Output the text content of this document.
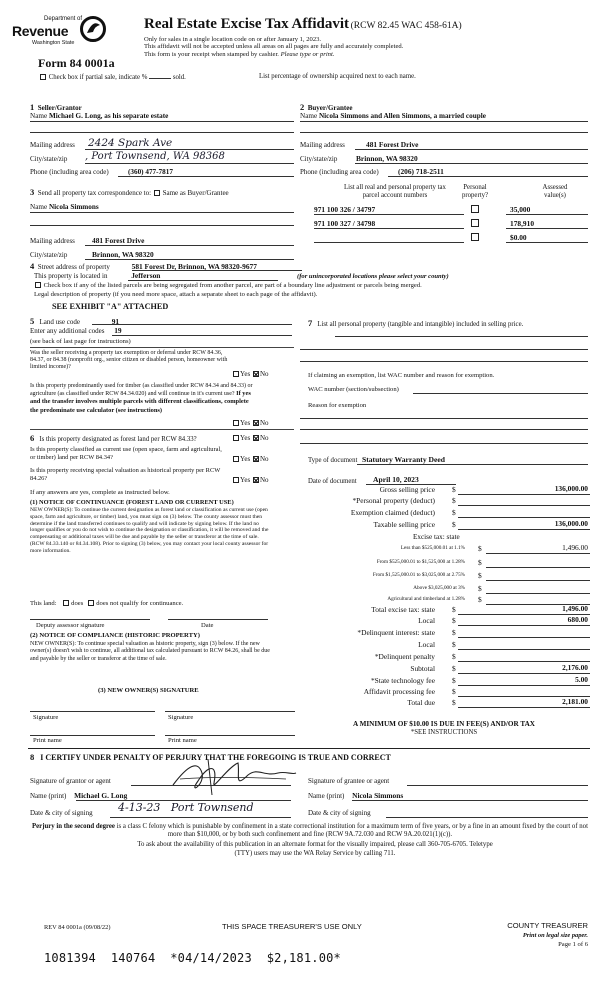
Department of
Revenue
Washington State
Form 84 0001a
Real Estate Excise Tax Affidavit (RCW 82.45 WAC 458-61A)
Only for sales in a single location code on or after January 1, 2023.
This affidavit will not be accepted unless all areas on all pages are fully and accurately completed.
This form is your receipt when stamped by cashier. Please type or print.
Check box if partial sale, indicate %	sold.	List percentage of ownership acquired next to each name.
1 Seller/Grantor
Name Michael G. Long, as his separate estate
Mailing address 2424 Spark Ave
City/state/zip , Port Townsend, WA 98368
Phone (including area code)	(360) 477-7817
2 Buyer/Grantee
Name Nicola Simmons and Allen Simmons, a married couple
Mailing address	481 Forest Drive
City/state/zip	Brinnon, WA 98320
Phone (including area code)	(206) 718-2511
3 Send all property tax correspondence to: Same as Buyer/Grantee
Name Nicola Simmons
Mailing address 481 Forest Drive
City/state/zip	Brinnon, WA 98320
List all real and personal property tax
parcel account numbers
Personal
property?
Assessed
value(s)
971 100 326 / 34797	35,000
971 100 327 / 34798	178,910
$0.00
4 Street address of property	581 Forest Dr, Brinnon, WA 98320-9677
This property is located in	Jefferson	(for unincorporated locations please select your county)
Check box if any of the listed parcels are being segregated from another parcel, are part of a boundary line adjustment or parcels being merged.
Legal description of property (if you need more space, attach a separate sheet to each page of the affidavit).
SEE EXHIBIT "A" ATTACHED
5 Land use code	91
Enter any additional codes 19
(see back of last page for instructions)
Was the seller receiving a property tax exemption or deferral under RCW 84.36, 84.37, or 84.38 (nonprofit org., senior citizen or disabled person, homeowner with limited income)?
Yes No
Is this property predominantly used for timber (as classified under RCW 84.34 and 84.33) or agriculture (as classified under RCW 84.34.020) and will continue in it's current use? If yes and the transfer involves multiple parcels with different classifications, complete the predominate use calculator (see instructions)
Yes No
6 Is this property designated as forest land per RCW 84.33?	Yes No
Is this property classified as current use (open space, farm and agricultural, or timber) land per RCW 84.34?	Yes No
Is this property receiving special valuation as historical property per RCW 84.26?	Yes No
If any answers are yes, complete as instructed below.
(1) NOTICE OF CONTINUANCE (FOREST LAND OR CURRENT USE)
NEW OWNER(S): To continue the current designation as forest land or classification as current use (open space, farm and agriculture, or timber) land, you must sign on (3) below. The county assessor must then determine if the land transferred continues to qualify and will indicate by signing below. If the land no longer qualifies or you do not wish to continue the designation or classification, it will be removed and the compensating or additional taxes will be due and payable by the seller or transferor at the time of sale. (RCW 84.33.140 or 84.34.108). Prior to signing (3) below, you may contact your local county assessor for more information.
This land: does does not qualify for continuance.
Deputy assessor signature	Date
(2) NOTICE OF COMPLIANCE (HISTORIC PROPERTY)
NEW OWNER(S): To continue special valuation as historic property, sign (3) below. If the new owner(s) doesn't wish to continue, all additional tax calculated pursuant to RCW 84.26, shall be due and payable by the seller or transferor at the time of sale.
(3) NEW OWNER(S) SIGNATURE
Signature	Signature
Print name	Print name
7 List all personal property (tangible and intangible) included in selling price.
If claiming an exemption, list WAC number and reason for exemption.
WAC number (section/subsection)
Reason for exemption
Type of document Statutory Warranty Deed
Date of document April 10, 2023
Gross selling price $	136,000.00
*Personal property (deduct) $
Exemption claimed (deduct) $
Taxable selling price $	136,000.00
Excise tax: state
Less than $525,000.01 at 1.1% $	1,496.00
From $525,000.01 to $1,525,000 at 1.28% $
From $1,525,000.01 to $3,025,000 at 2.75% $
Above $3,025,000 at 3% $
Agricultural and timberland at 1.28% $
Total excise tax: state $	1,496.00
Local $	680.00
*Delinquent interest: state $
Local $
*Delinquent penalty $
Subtotal $	2,176.00
*State technology fee $	5.00
Affidavit processing fee $
Total due $	2,181.00
A MINIMUM OF $10.00 IS DUE IN FEE(S) AND/OR TAX
*SEE INSTRUCTIONS
8 I CERTIFY UNDER PENALTY OF PERJURY THAT THE FOREGOING IS TRUE AND CORRECT
Signature of grantor or agent
Name (print) Michael G. Long
Date & city of signing 4-13-23   Port Townsend
Signature of grantee or agent
Name (print) Nicola Simmons
Date & city of signing
Perjury in the second degree is a class C felony which is punishable by confinement in a state correctional institution for a maximum term of five years, or by a fine in an amount fixed by the court of not more than $10,000, or by both such confinement and fine (RCW 9A.72.030 and RCW 9A.20.021(1)(c)).
To ask about the availability of this publication in an alternate format for the visually impaired, please call 360-705-6705. Teletype (TTY) users may use the WA Relay Service by calling 711.
REV 84 0001a (09/08/22)	THIS SPACE TREASURER'S USE ONLY	COUNTY TREASURER
Print on legal size paper.
Page 1 of 6
1081394  140764  *04/14/2023  $2,181.00*
